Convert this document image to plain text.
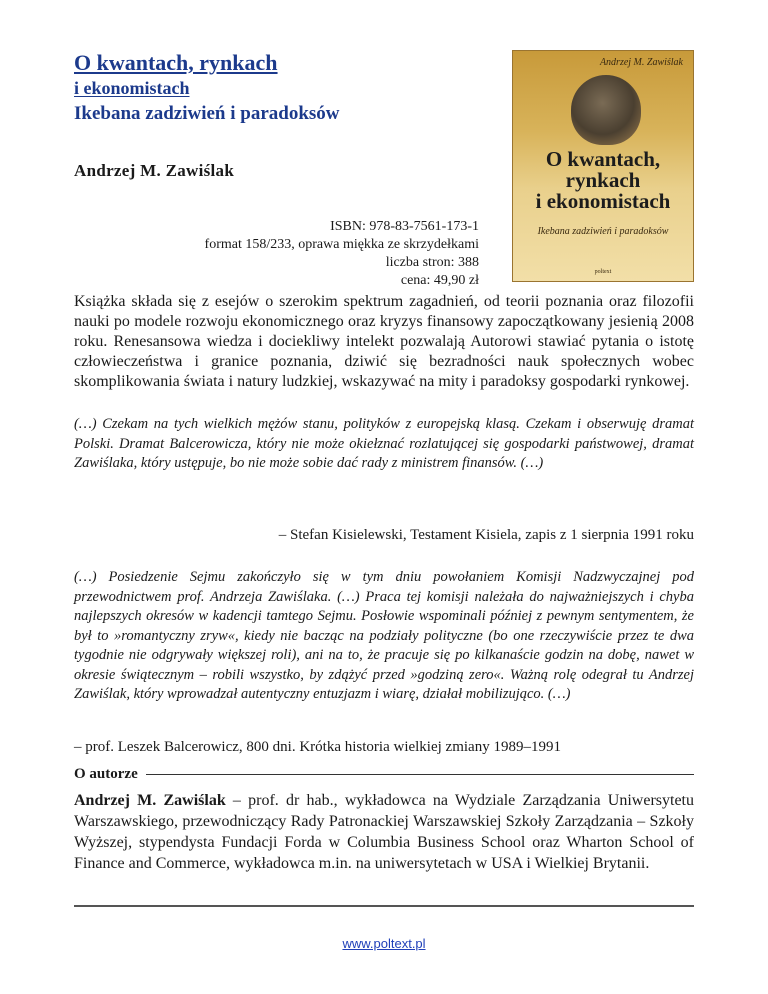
O kwantach, rynkach
i ekonomistach
Ikebana zadziwień i paradoksów
Andrzej M. Zawiślak
ISBN: 978-83-7561-173-1
format 158/233, oprawa miękka ze skrzydełkami
liczba stron: 388
cena: 49,90 zł
Andrzej M. Zawiślak
O kwantach,
rynkach
i ekonomistach
Ikebana zadziwień i paradoksów
poltext
Książka składa się z esejów o szerokim spektrum zagadnień, od teorii poznania oraz filozofii nauki po modele rozwoju ekonomicznego oraz kryzys finansowy zapoczątkowany jesienią 2008 roku. Renesansowa wiedza i dociekliwy intelekt pozwalają Autorowi stawiać pytania o istotę człowieczeństwa i granice poznania, dziwić się bezradności nauk społecznych wobec skomplikowania świata i natury ludzkiej, wskazywać na mity i paradoksy gospodarki rynkowej.
(…) Czekam na tych wielkich mężów stanu, polityków z europejską klasą. Czekam i obserwuję dramat Polski. Dramat Balcerowicza, który nie może okiełznać rozlatującej się gospodarki państwowej, dramat Zawiślaka, który ustępuje, bo nie może sobie dać rady z ministrem finansów. (…)
– Stefan Kisielewski, Testament Kisiela, zapis z 1 sierpnia 1991 roku
(…) Posiedzenie Sejmu zakończyło się w tym dniu powołaniem Komisji Nadzwyczajnej pod przewodnictwem prof. Andrzeja Zawiślaka. (…) Praca tej komisji należała do najważniejszych i chyba najlepszych okresów w kadencji tamtego Sejmu. Posłowie wspominali później z pewnym sentymentem, że był to »romantyczny zryw«, kiedy nie bacząc na podziały polityczne (bo one rzeczywiście przez te dwa tygodnie nie odgrywały większej roli), ani na to, że pracuje się po kilkanaście godzin na dobę, nawet w okresie świątecznym – robili wszystko, by zdążyć przed »godziną zero«. Ważną rolę odegrał tu Andrzej Zawiślak, który wprowadzał autentyczny entuzjazm i wiarę, działał mobilizująco. (…)
– prof. Leszek Balcerowicz, 800 dni. Krótka historia wielkiej zmiany 1989–1991
O autorze
Andrzej M. Zawiślak – prof. dr hab., wykładowca na Wydziale Zarządzania Uniwersytetu Warszawskiego, przewodniczący Rady Patronackiej Warszawskiej Szkoły Zarządzania – Szkoły Wyższej, stypendysta Fundacji Forda w Columbia Business School oraz Wharton School of Finance and Commerce, wykładowca m.in. na uniwersytetach w USA i Wielkiej Brytanii.
www.poltext.pl
